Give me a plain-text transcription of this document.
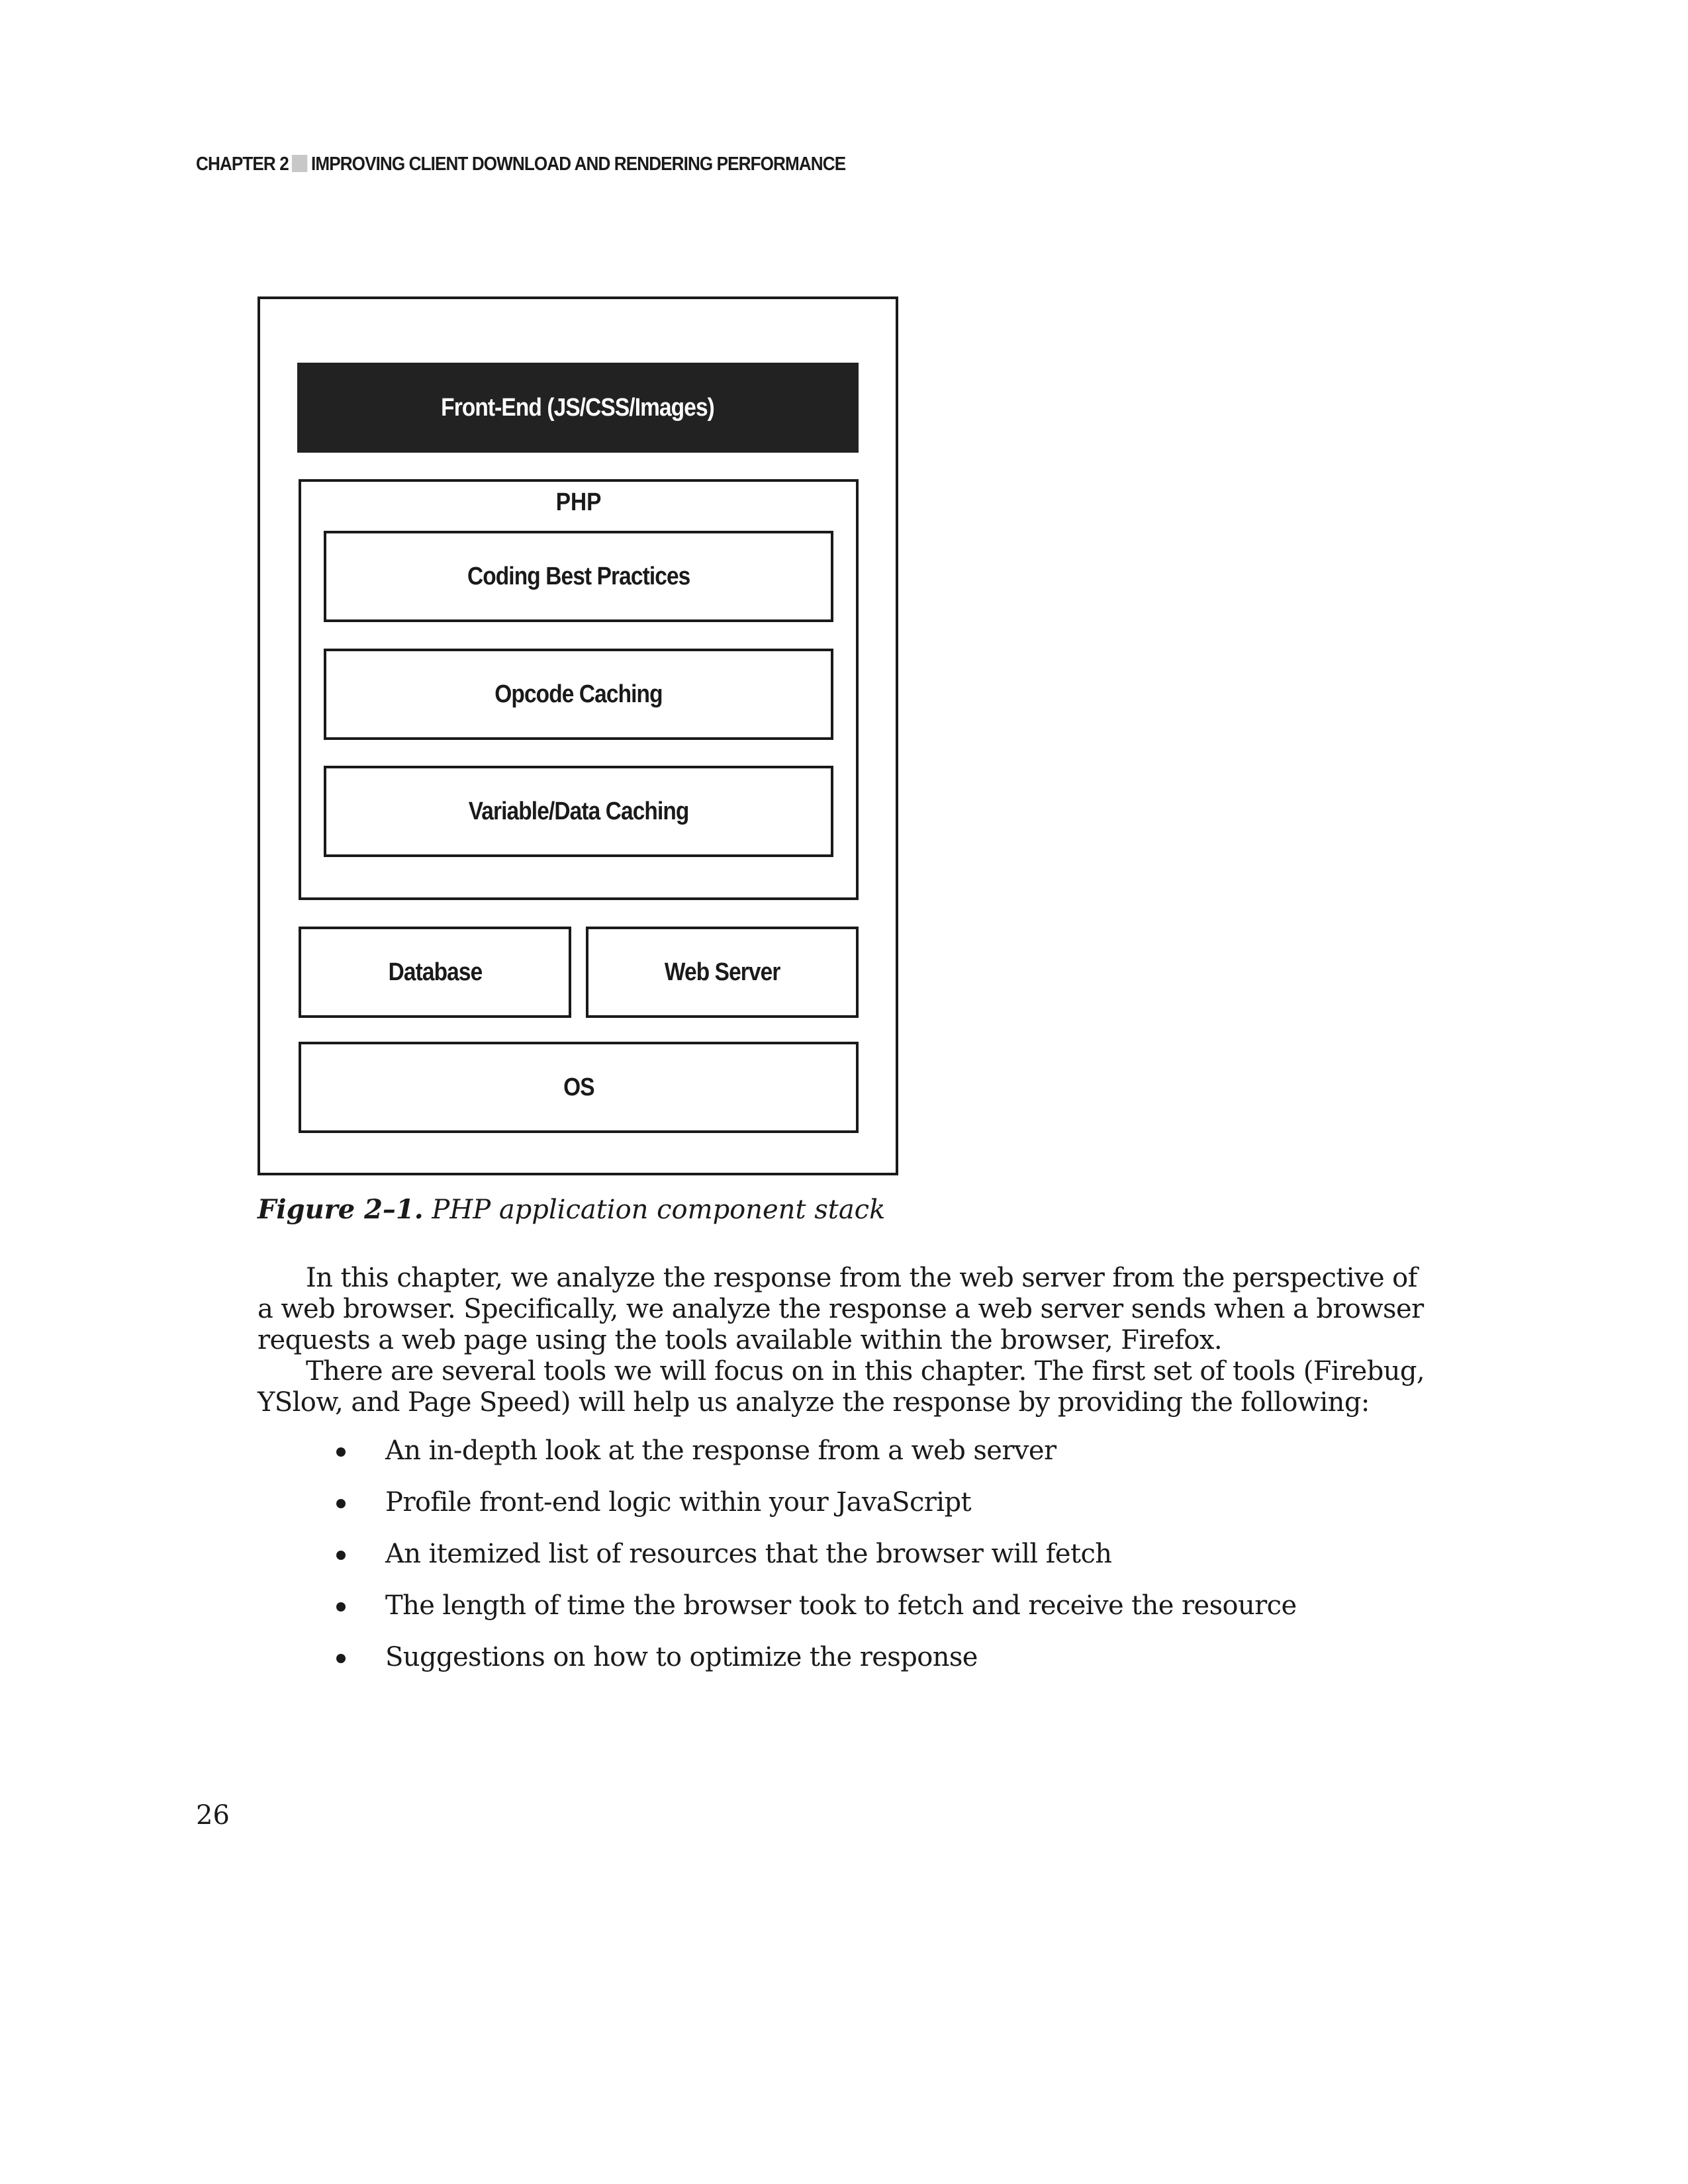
CHAPTER 2 IMPROVING CLIENT DOWNLOAD AND RENDERING PERFORMANCE
Front-End (JS/CSS/Images)
PHP
Coding Best Practices
Opcode Caching
Variable/Data Caching
Database	Web Server
OS
Figure 2–1. PHP application component stack

In this chapter, we analyze the response from the web server from the perspective of a web browser. Specifically, we analyze the response a web server sends when a browser requests a web page using the tools available within the browser, Firefox.

There are several tools we will focus on in this chapter. The first set of tools (Firebug, YSlow, and Page Speed) will help us analyze the response by providing the following:

An in-depth look at the response from a web server
Profile front-end logic within your JavaScript
An itemized list of resources that the browser will fetch
The length of time the browser took to fetch and receive the resource
Suggestions on how to optimize the response
26
